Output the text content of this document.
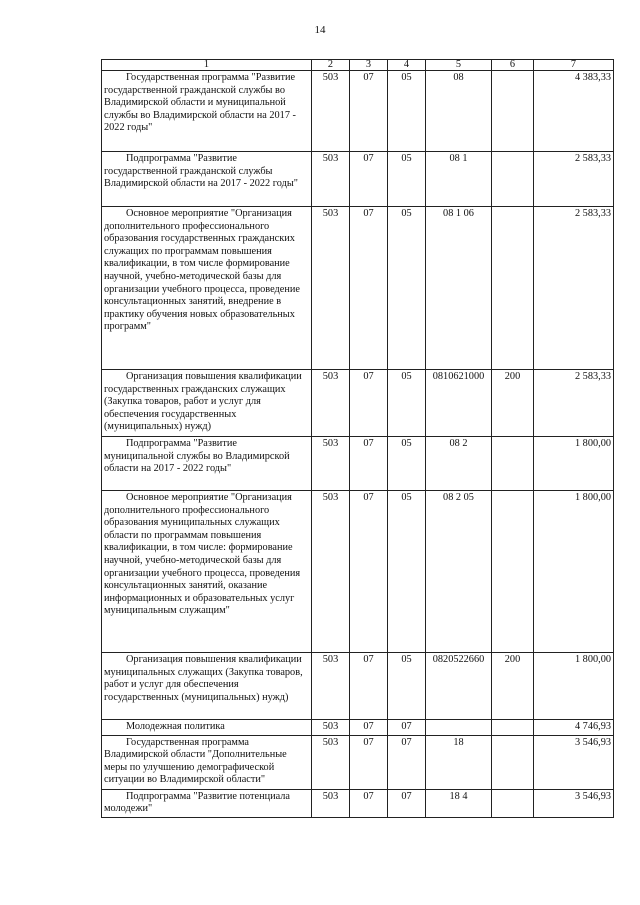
14
1	2	3	4	5	6	7

Государственная программа "Развитие государственной гражданской службы во Владимирской области и муниципальной службы во Владимирской области на 2017 - 2022 годы"	503	07	05	08		4 383,33

Подпрограмма "Развитие государственной гражданской службы Владимирской области на 2017 - 2022 годы"	503	07	05	08 1		2 583,33

Основное мероприятие "Организация дополнительного профессионального образования государственных гражданских служащих по программам повышения квалификации, в том числе формирование научной, учебно-методической базы для организации учебного процесса, проведение консультационных занятий, внедрение в практику обучения новых образовательных программ"	503	07	05	08 1 06		2 583,33

Организация повышения квалификации государственных гражданских служащих (Закупка товаров, работ и услуг для обеспечения государственных (муниципальных) нужд)	503	07	05	0810621000	200	2 583,33

Подпрограмма "Развитие муниципальной службы во Владимирской области на 2017 - 2022 годы"	503	07	05	08 2		1 800,00

Основное мероприятие "Организация дополнительного профессионального образования муниципальных служащих области по программам повышения квалификации, в том числе: формирование научной, учебно-методической базы для организации учебного процесса, проведения консультационных занятий, оказание информационных и образовательных услуг муниципальным служащим"	503	07	05	08 2 05		1 800,00

Организация повышения квалификации муниципальных служащих (Закупка товаров, работ и услуг для обеспечения государственных (муниципальных) нужд)	503	07	05	0820522660	200	1 800,00

Молодежная политика	503	07	07			4 746,93

Государственная программа Владимирской области "Дополнительные меры по улучшению демографической ситуации во Владимирской области"	503	07	07	18		3 546,93

Подпрограмма "Развитие потенциала молодежи"	503	07	07	18 4		3 546,93
